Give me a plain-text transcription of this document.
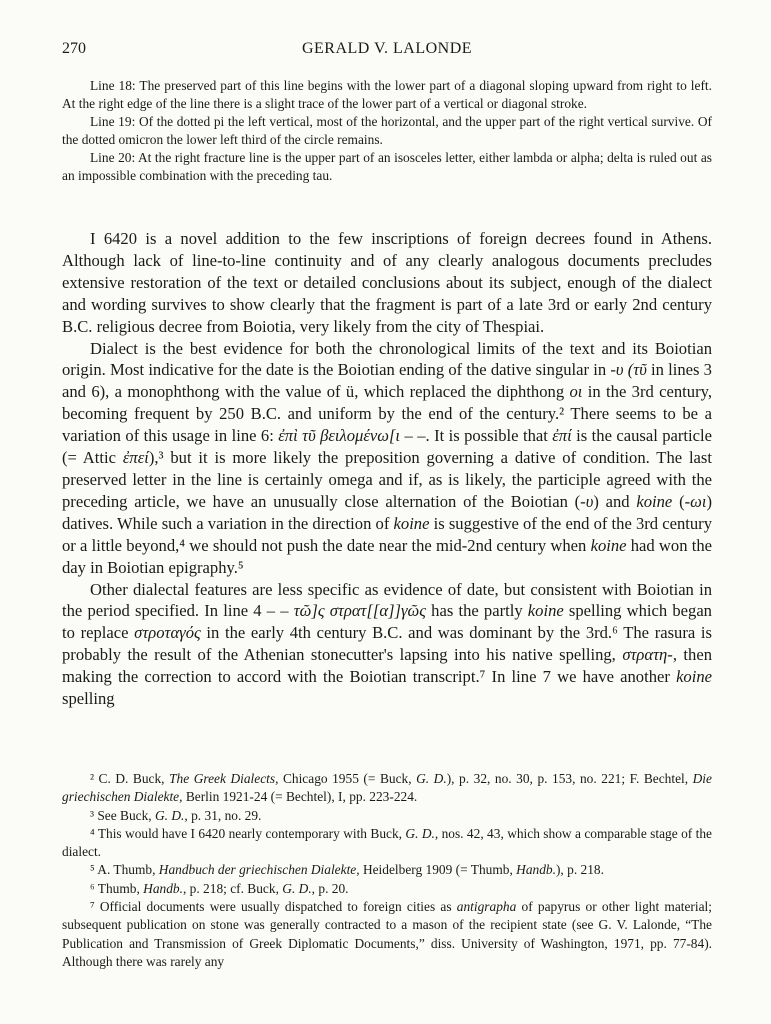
270	GERALD V. LALONDE

Line 18: The preserved part of this line begins with the lower part of a diagonal sloping upward from right to left. At the right edge of the line there is a slight trace of the lower part of a vertical or diagonal stroke.

Line 19: Of the dotted pi the left vertical, most of the horizontal, and the upper part of the right vertical survive. Of the dotted omicron the lower left third of the circle remains.

Line 20: At the right fracture line is the upper part of an isosceles letter, either lambda or alpha; delta is ruled out as an impossible combination with the preceding tau.

I 6420 is a novel addition to the few inscriptions of foreign decrees found in Athens. Although lack of line-to-line continuity and of any clearly analogous documents precludes extensive restoration of the text or detailed conclusions about its subject, enough of the dialect and wording survives to show clearly that the fragment is part of a late 3rd or early 2nd century B.C. religious decree from Boiotia, very likely from the city of Thespiai.

Dialect is the best evidence for both the chronological limits of the text and its Boiotian origin. Most indicative for the date is the Boiotian ending of the dative singular in -υ (τῦ in lines 3 and 6), a monophthong with the value of ü, which replaced the diphthong οι in the 3rd century, becoming frequent by 250 B.C. and uniform by the end of the century.² There seems to be a variation of this usage in line 6: ἐπὶ τῦ βειλομένω[ι – –. It is possible that ἐπί is the causal particle (= Attic ἐπεί),³ but it is more likely the preposition governing a dative of condition. The last preserved letter in the line is certainly omega and if, as is likely, the participle agreed with the preceding article, we have an unusually close alternation of the Boiotian (-υ) and koine (-ωι) datives. While such a variation in the direction of koine is suggestive of the end of the 3rd century or a little beyond,⁴ we should not push the date near the mid-2nd century when koine had won the day in Boiotian epigraphy.⁵

Other dialectal features are less specific as evidence of date, but consistent with Boiotian in the period specified. In line 4 – – τῶ]ς στρατ[[α]]γῶς has the partly koine spelling which began to replace στροταγός in the early 4th century B.C. and was dominant by the 3rd.⁶ The rasura is probably the result of the Athenian stonecutter's lapsing into his native spelling, στρατη-, then making the correction to accord with the Boiotian transcript.⁷ In line 7 we have another koine spelling

² C. D. Buck, The Greek Dialects, Chicago 1955 (= Buck, G. D.), p. 32, no. 30, p. 153, no. 221; F. Bechtel, Die griechischen Dialekte, Berlin 1921-24 (= Bechtel), I, pp. 223-224.

³ See Buck, G. D., p. 31, no. 29.

⁴ This would have I 6420 nearly contemporary with Buck, G. D., nos. 42, 43, which show a comparable stage of the dialect.

⁵ A. Thumb, Handbuch der griechischen Dialekte, Heidelberg 1909 (= Thumb, Handb.), p. 218.

⁶ Thumb, Handb., p. 218; cf. Buck, G. D., p. 20.

⁷ Official documents were usually dispatched to foreign cities as antigrapha of papyrus or other light material; subsequent publication on stone was generally contracted to a mason of the recipient state (see G. V. Lalonde, “The Publication and Transmission of Greek Diplomatic Documents,” diss. University of Washington, 1971, pp. 77-84). Although there was rarely any
